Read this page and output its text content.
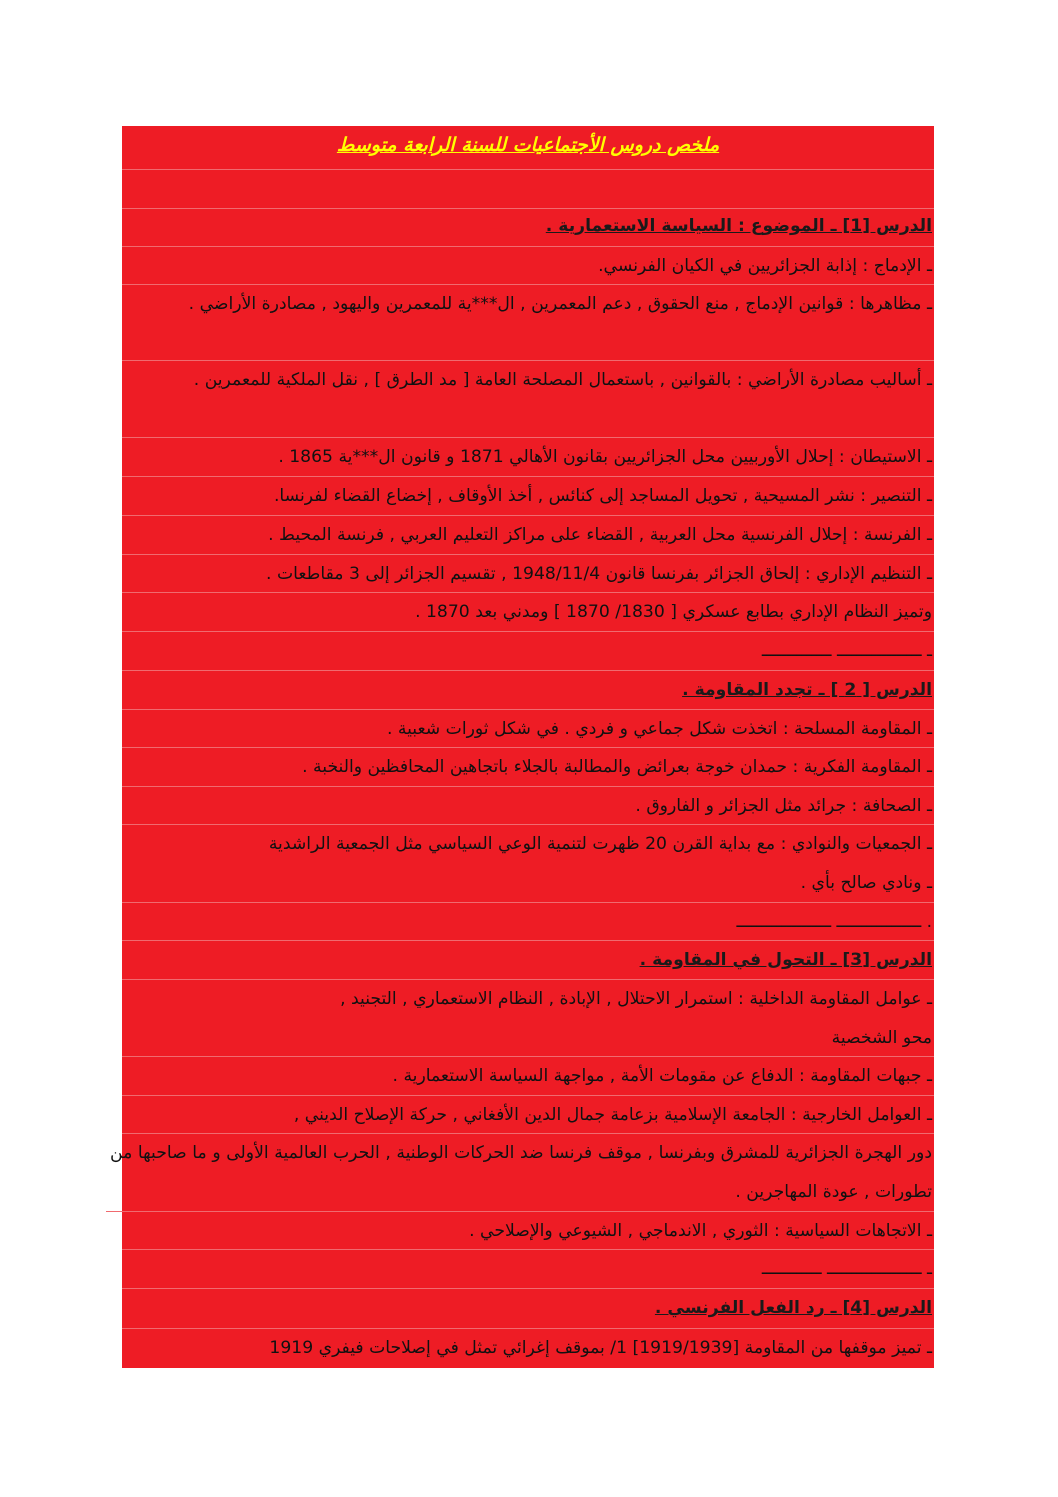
ملخص دروس الأجتماعيات للسنة الرابعة متوسط
الدرس [1] ـ الموضوع : السياسة الاستعمارية .
ـ الإدماج : إذابة الجزائريين في الكيان الفرنسي.
ـ مظاهرها : قوانين الإدماج , منع الحقوق , دعم المعمرين , ال***ية للمعمرين واليهود , مصادرة الأراضي .
ـ أساليب مصادرة الأراضي : بالقوانين , باستعمال المصلحة العامة [ مد الطرق ] , نقل الملكية للمعمرين .
ـ الاستيطان : إحلال الأوربيين محل الجزائريين بقانون الأهالي 1871 و قانون ال***ية 1865 .
ـ التنصير : نشر المسيحية , تحويل المساجد إلى كنائس , أخذ الأوقاف , إخضاع القضاء لفرنسا.
ـ الفرنسة : إحلال الفرنسية محل العربية , القضاء على مراكز التعليم العربي , فرنسة المحيط .
ـ التنظيم الإداري : إلحاق الجزائر بفرنسا قانون 1948/11/4 , تقسيم الجزائر إلى 3 مقاطعات .
وتميز النظام الإداري بطابع عسكري [ 1830/ 1870 ] ومدني بعد 1870 .
ـ ـــــــــــــــــ ــــــــــــــ
الدرس [ 2 ] ـ تجدد المقاومة .
ـ المقاومة المسلحة : اتخذت شكل جماعي و فردي . في شكل ثورات شعبية .
ـ المقاومة الفكرية : حمدان خوجة بعرائض والمطالبة بالجلاء باتجاهين المحافظين والنخبة .
ـ الصحافة : جرائد مثل الجزائر و الفاروق .
ـ الجمعيات والنوادي : مع بداية القرن 20 ظهرت لتنمية الوعي السياسي مثل الجمعية الراشدية
ـ ونادي صالح بأي .
. ـــــــــــــــــ ـــــــــــــــــــ
الدرس [3] ـ التحول في المقاومة .
ـ عوامل المقاومة الداخلية : استمرار الاحتلال , الإبادة , النظام الاستعماري , التجنيد ,
محو الشخصية
ـ جبهات المقاومة : الدفاع عن مقومات الأمة , مواجهة السياسة الاستعمارية .
ـ العوامل الخارجية : الجامعة الإسلامية بزعامة جمال الدين الأفغاني , حركة الإصلاح الديني ,
دور الهجرة الجزائرية للمشرق وبفرنسا , موقف فرنسا ضد الحركات الوطنية , الحرب العالمية الأولى و ما صاحبها من تطورات , عودة المهاجرين .
ـ الاتجاهات السياسية : الثوري , الاندماجي , الشيوعي والإصلاحي .
ـ ـــــــــــــــــــ ــــــــــــ
الدرس [4] ـ رد الفعل الفرنسي .
ـ تميز موقفها من المقاومة [1919/1939] 1/ بموقف إغرائي تمثل في إصلاحات فيفري 1919
